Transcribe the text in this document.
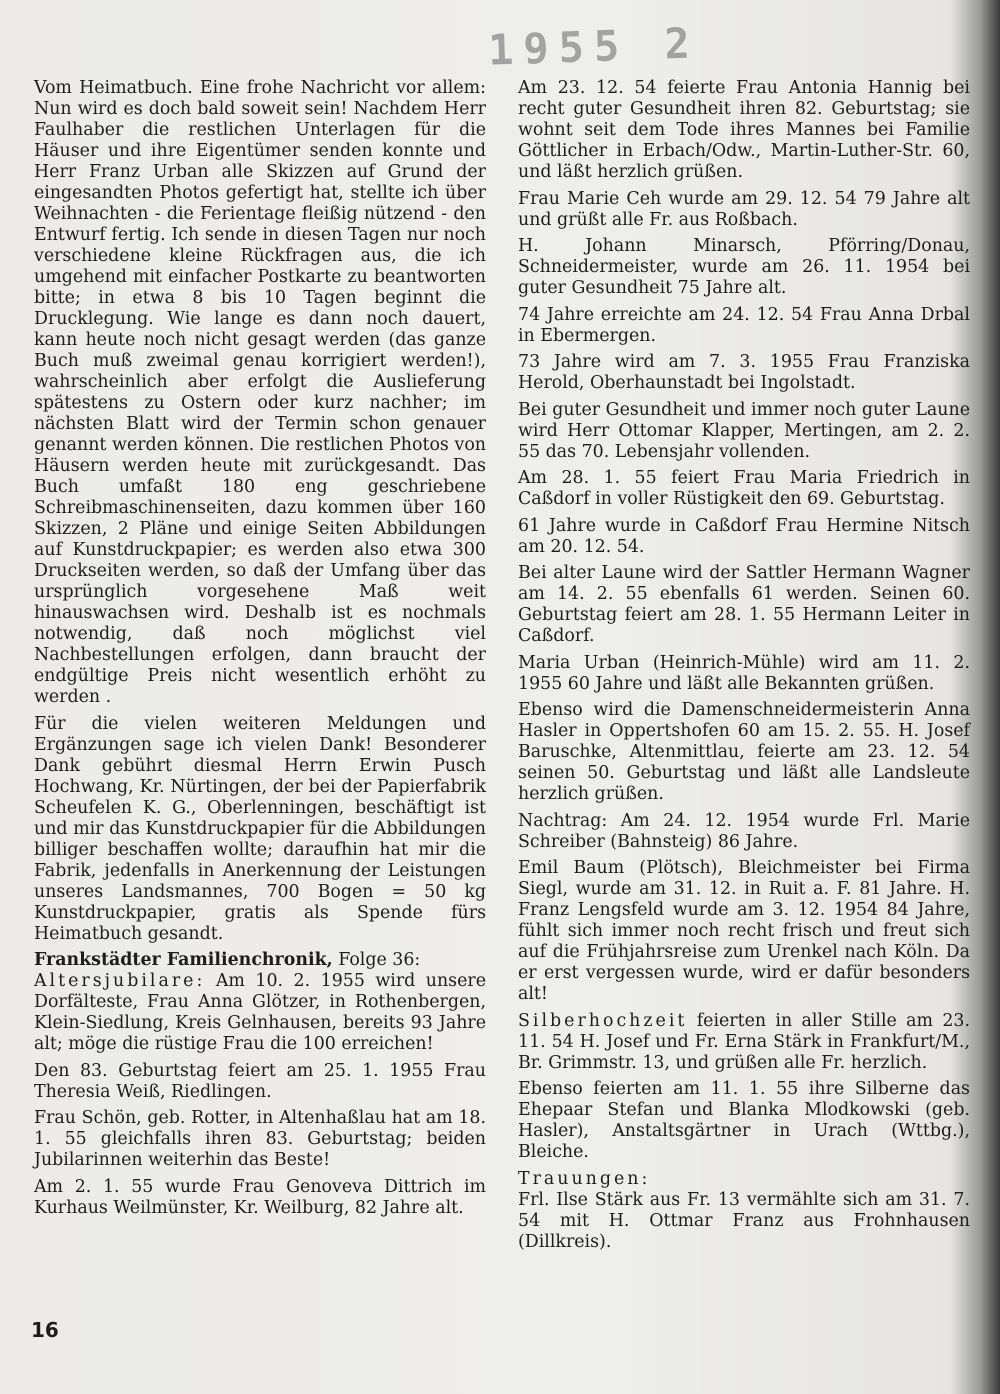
1955 2

Vom Heimatbuch. Eine frohe Nachricht vor allem: Nun wird es doch bald soweit sein! Nachdem Herr Faulhaber die restlichen Unterlagen für die Häuser und ihre Eigentümer senden konnte und Herr Franz Urban alle Skizzen auf Grund der eingesandten Photos gefertigt hat, stellte ich über Weihnachten - die Ferientage fleißig nützend - den Entwurf fertig. Ich sende in diesen Tagen nur noch verschiedene kleine Rückfragen aus, die ich umgehend mit einfacher Postkarte zu beantworten bitte; in etwa 8 bis 10 Tagen beginnt die Drucklegung. Wie lange es dann noch dauert, kann heute noch nicht gesagt werden (das ganze Buch muß zweimal genau korrigiert werden!), wahrscheinlich aber erfolgt die Auslieferung spätestens zu Ostern oder kurz nachher; im nächsten Blatt wird der Termin schon genauer genannt werden können. Die restlichen Photos von Häusern werden heute mit zurückgesandt. Das Buch umfaßt 180 eng geschriebene Schreibmaschinenseiten, dazu kommen über 160 Skizzen, 2 Pläne und einige Seiten Abbildungen auf Kunstdruckpapier; es werden also etwa 300 Druckseiten werden, so daß der Umfang über das ursprünglich vorgesehene Maß weit hinauswachsen wird. Deshalb ist es nochmals notwendig, daß noch möglichst viel Nachbestellungen erfolgen, dann braucht der endgültige Preis nicht wesentlich erhöht zu werden .

Für die vielen weiteren Meldungen und Ergänzungen sage ich vielen Dank! Besonderer Dank gebührt diesmal Herrn Erwin Pusch Hochwang, Kr. Nürtingen, der bei der Papierfabrik Scheufelen K. G., Oberlenningen, beschäftigt ist und mir das Kunstdruckpapier für die Abbildungen billiger beschaffen wollte; daraufhin hat mir die Fabrik, jedenfalls in Anerkennung der Leistungen unseres Landsmannes, 700 Bogen = 50 kg Kunstdruckpapier, gratis als Spende fürs Heimatbuch gesandt.

Frankstädter Familienchronik, Folge 36:
Altersjubilare: Am 10. 2. 1955 wird unsere Dorfälteste, Frau Anna Glötzer, in Rothenbergen, Klein-Siedlung, Kreis Gelnhausen, bereits 93 Jahre alt; möge die rüstige Frau die 100 erreichen!

Den 83. Geburtstag feiert am 25. 1. 1955 Frau Theresia Weiß, Riedlingen.

Frau Schön, geb. Rotter, in Altenhaßlau hat am 18. 1. 55 gleichfalls ihren 83. Geburtstag; beiden Jubilarinnen weiterhin das Beste!

Am 2. 1. 55 wurde Frau Genoveva Dittrich im Kurhaus Weilmünster, Kr. Weilburg, 82 Jahre alt.

Am 23. 12. 54 feierte Frau Antonia Hannig bei recht guter Gesundheit ihren 82. Geburtstag; sie wohnt seit dem Tode ihres Mannes bei Familie Göttlicher in Erbach/Odw., Martin-Luther-Str. 60, und läßt herzlich grüßen.

Frau Marie Ceh wurde am 29. 12. 54 79 Jahre alt und grüßt alle Fr. aus Roßbach.

H. Johann Minarsch, Pförring/Donau, Schneidermeister, wurde am 26. 11. 1954 bei guter Gesundheit 75 Jahre alt.

74 Jahre erreichte am 24. 12. 54 Frau Anna Drbal in Ebermergen.

73 Jahre wird am 7. 3. 1955 Frau Franziska Herold, Oberhaunstadt bei Ingolstadt.

Bei guter Gesundheit und immer noch guter Laune wird Herr Ottomar Klapper, Mertingen, am 2. 2. 55 das 70. Lebensjahr vollenden.

Am 28. 1. 55 feiert Frau Maria Friedrich in Caßdorf in voller Rüstigkeit den 69. Geburtstag.

61 Jahre wurde in Caßdorf Frau Hermine Nitsch am 20. 12. 54.

Bei alter Laune wird der Sattler Hermann Wagner am 14. 2. 55 ebenfalls 61 werden. Seinen 60. Geburtstag feiert am 28. 1. 55 Hermann Leiter in Caßdorf.

Maria Urban (Heinrich-Mühle) wird am 11. 2. 1955 60 Jahre und läßt alle Bekannten grüßen.

Ebenso wird die Damenschneidermeisterin Anna Hasler in Oppertshofen 60 am 15. 2. 55. H. Josef Baruschke, Altenmittlau, feierte am 23. 12. 54 seinen 50. Geburtstag und läßt alle Landsleute herzlich grüßen.

Nachtrag: Am 24. 12. 1954 wurde Frl. Marie Schreiber (Bahnsteig) 86 Jahre.

Emil Baum (Plötsch), Bleichmeister bei Firma Siegl, wurde am 31. 12. in Ruit a. F. 81 Jahre. H. Franz Lengsfeld wurde am 3. 12. 1954 84 Jahre, fühlt sich immer noch recht frisch und freut sich auf die Frühjahrsreise zum Urenkel nach Köln. Da er erst vergessen wurde, wird er dafür besonders alt!

Silberhochzeit feierten in aller Stille am 23. 11. 54 H. Josef und Fr. Erna Stärk in Frankfurt/M., Br. Grimmstr. 13, und grüßen alle Fr. herzlich.

Ebenso feierten am 11. 1. 55 ihre Silberne das Ehepaar Stefan und Blanka Mlodkowski (geb. Hasler), Anstaltsgärtner in Urach (Wttbg.), Bleiche.

Trauungen:
Frl. Ilse Stärk aus Fr. 13 vermählte sich am 31. 7. 54 mit H. Ottmar Franz aus Frohnhausen (Dillkreis).

16
